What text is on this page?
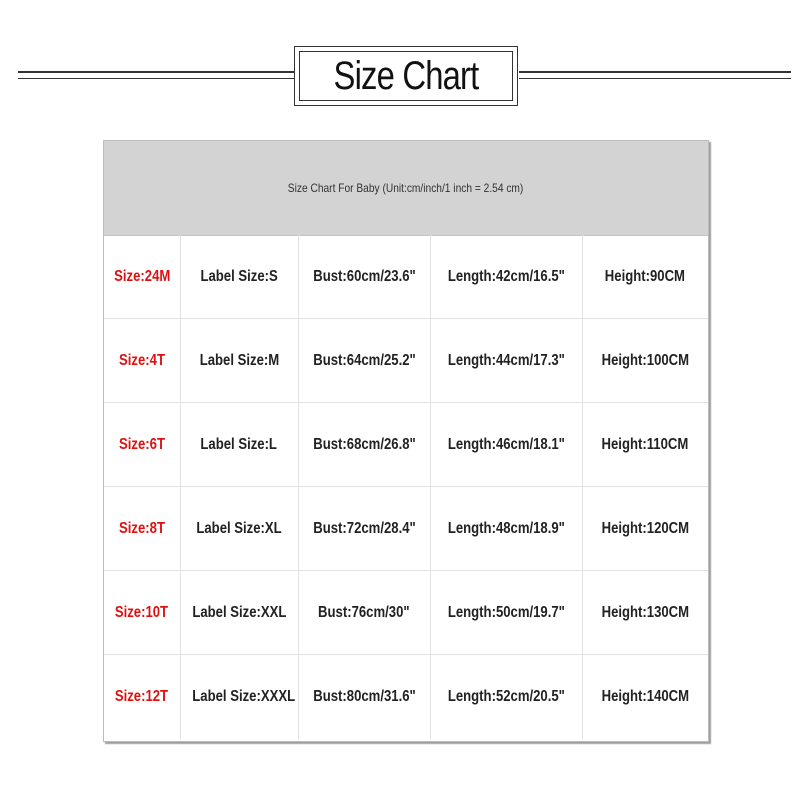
Size Chart
Size Chart For Baby (Unit:cm/inch/1 inch = 2.54 cm)
Size:24M	Label Size:S	Bust:60cm/23.6"	Length:42cm/16.5"	Height:90CM
Size:4T	Label Size:M	Bust:64cm/25.2"	Length:44cm/17.3"	Height:100CM
Size:6T	Label Size:L	Bust:68cm/26.8"	Length:46cm/18.1"	Height:110CM
Size:8T	Label Size:XL	Bust:72cm/28.4"	Length:48cm/18.9"	Height:120CM
Size:10T	Label Size:XXL	Bust:76cm/30"	Length:50cm/19.7"	Height:130CM
Size:12T	Label Size:XXXL	Bust:80cm/31.6"	Length:52cm/20.5"	Height:140CM
